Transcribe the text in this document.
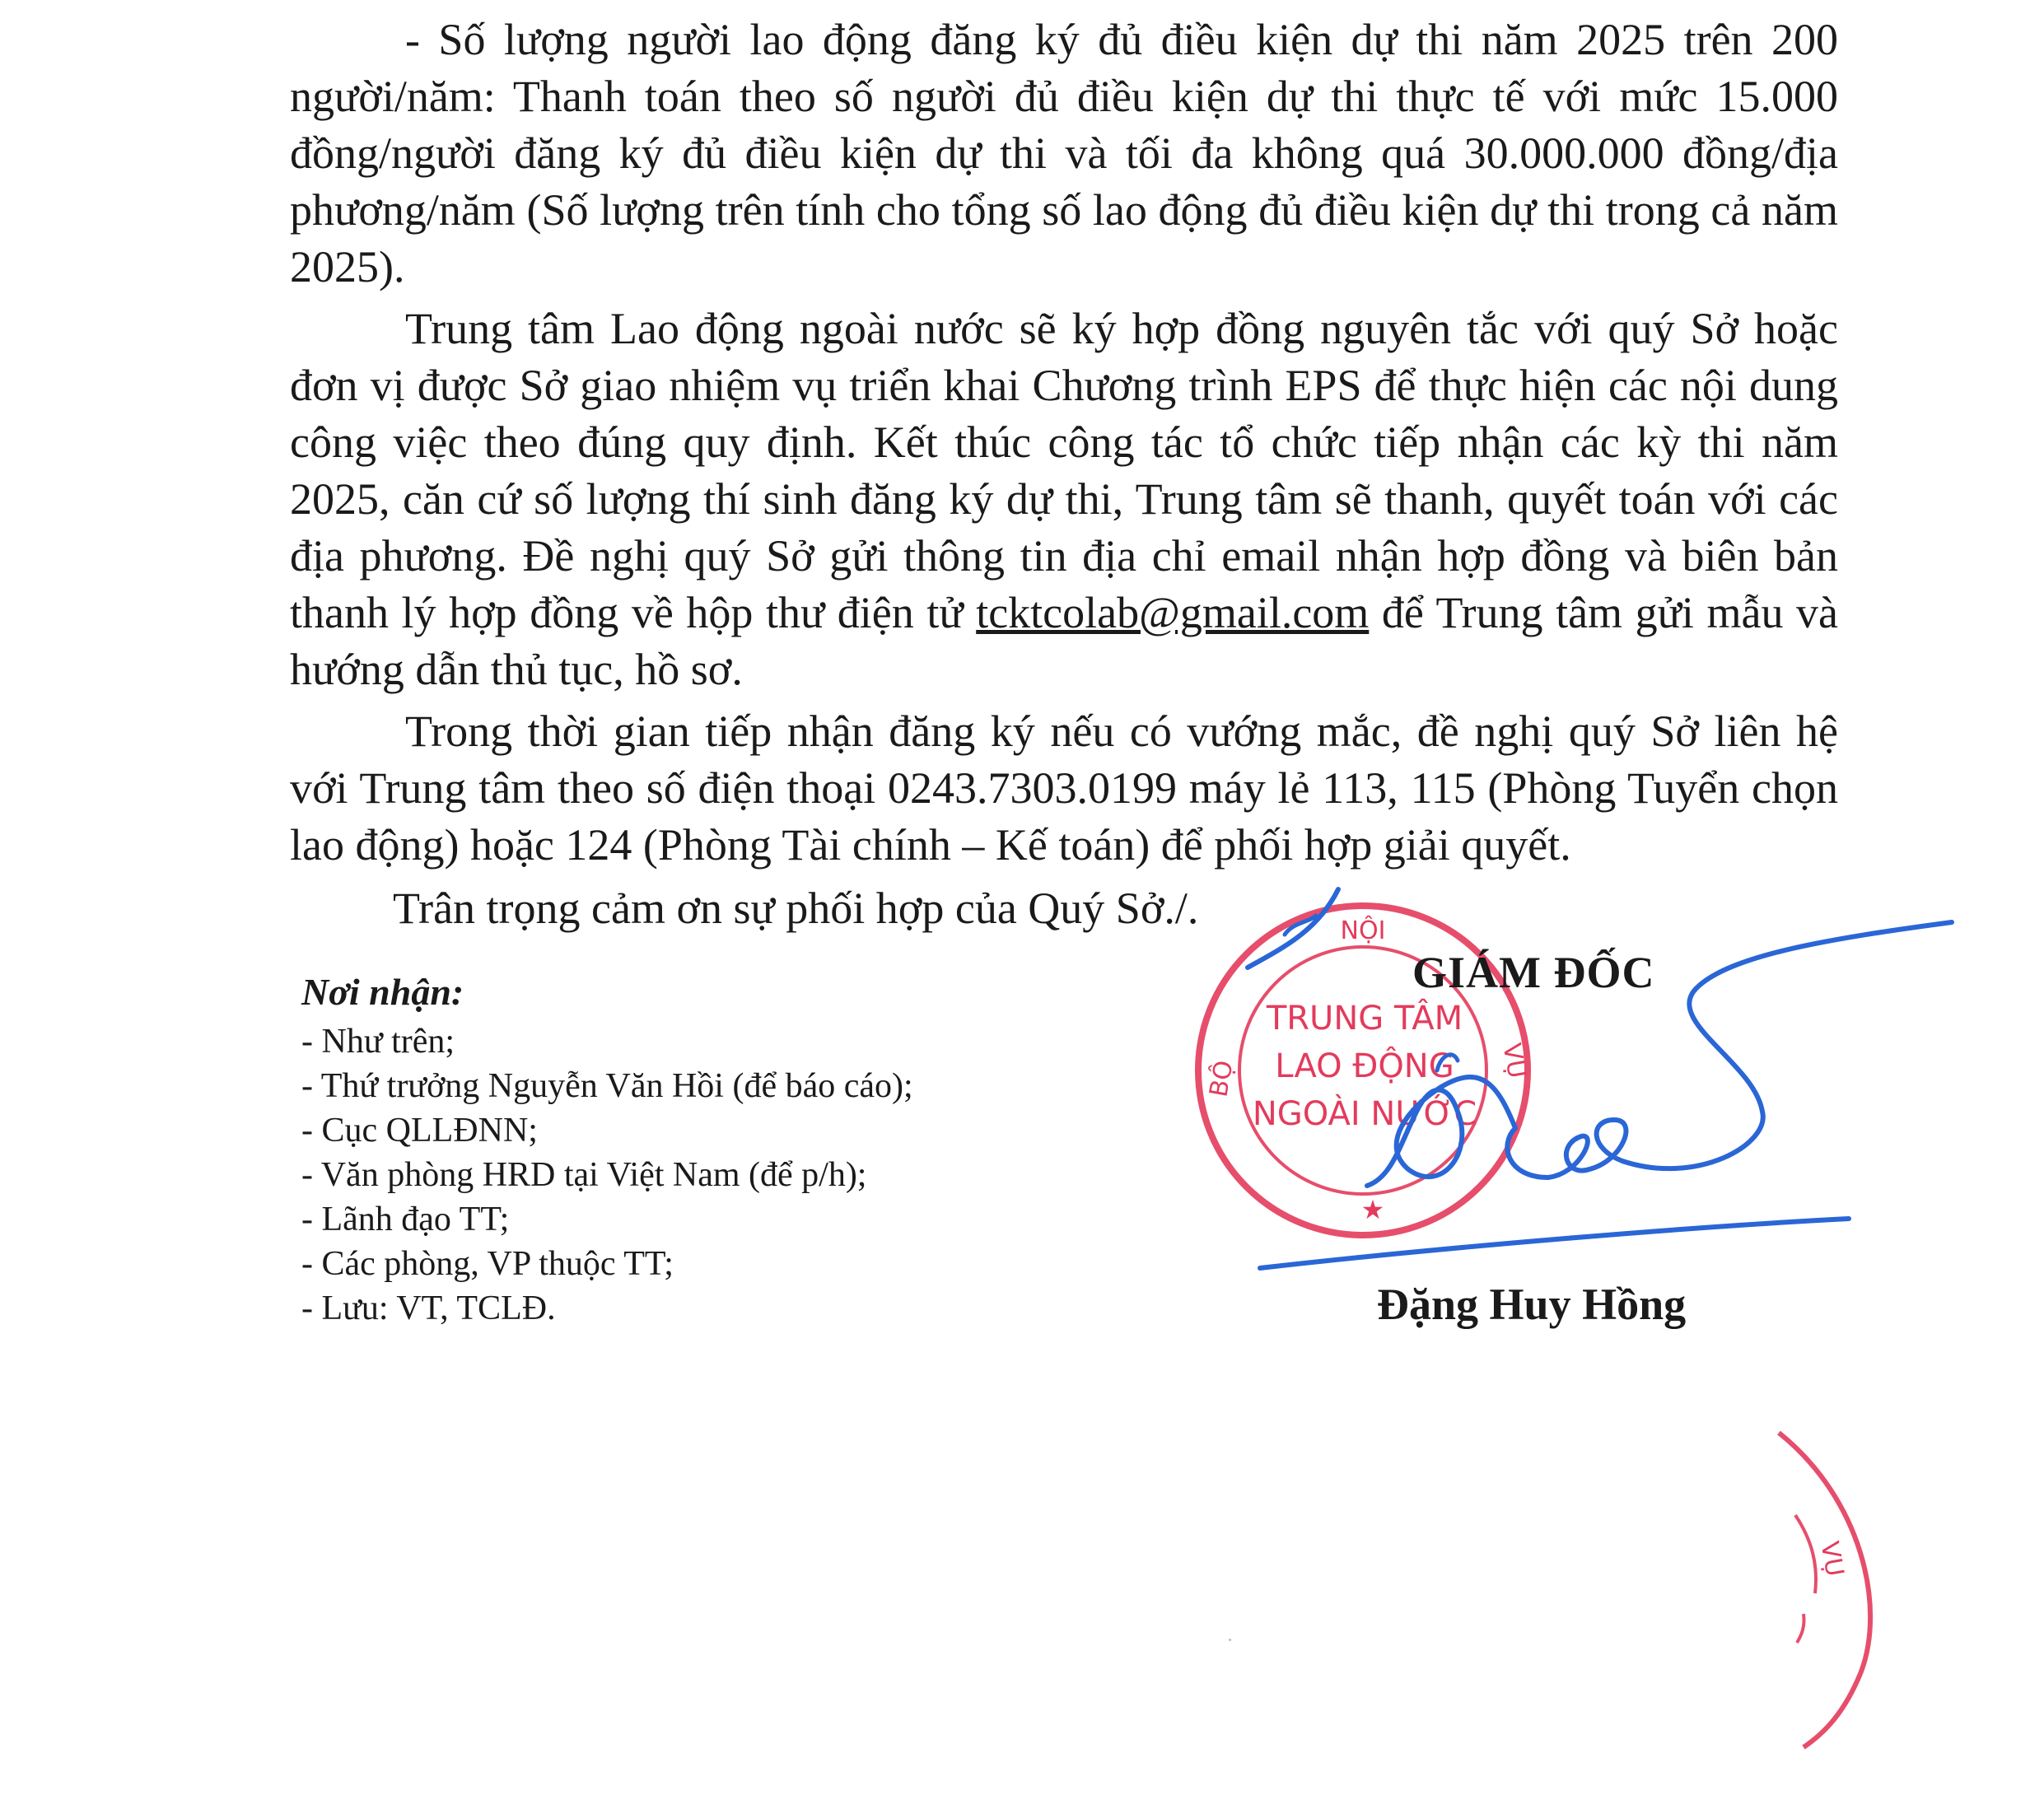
- Số lượng người lao động đăng ký đủ điều kiện dự thi năm 2025 trên 200 người/năm: Thanh toán theo số người đủ điều kiện dự thi thực tế với mức 15.000 đồng/người đăng ký đủ điều kiện dự thi và tối đa không quá 30.000.000 đồng/địa phương/năm (Số lượng trên tính cho tổng số lao động đủ điều kiện dự thi trong cả năm 2025).

Trung tâm Lao động ngoài nước sẽ ký hợp đồng nguyên tắc với quý Sở hoặc đơn vị được Sở giao nhiệm vụ triển khai Chương trình EPS để thực hiện các nội dung công việc theo đúng quy định. Kết thúc công tác tổ chức tiếp nhận các kỳ thi năm 2025, căn cứ số lượng thí sinh đăng ký dự thi, Trung tâm sẽ thanh, quyết toán với các địa phương. Đề nghị quý Sở gửi thông tin địa chỉ email nhận hợp đồng và biên bản thanh lý hợp đồng về hộp thư điện tử tcktcolab@gmail.com để Trung tâm gửi mẫu và hướng dẫn thủ tục, hồ sơ.

Trong thời gian tiếp nhận đăng ký nếu có vướng mắc, đề nghị quý Sở liên hệ với Trung tâm theo số điện thoại 0243.7303.0199 máy lẻ 113, 115 (Phòng Tuyển chọn lao động) hoặc 124 (Phòng Tài chính – Kế toán) để phối hợp giải quyết.

Trân trọng cảm ơn sự phối hợp của Quý Sở./.

Nơi nhận:
- Như trên;
- Thứ trưởng Nguyễn Văn Hồi (để báo cáo);
- Cục QLLĐNN;
- Văn phòng HRD tại Việt Nam (để p/h);
- Lãnh đạo TT;
- Các phòng, VP thuộc TT;
- Lưu: VT, TCLĐ.
NỘI
BỘ	VỤ
TRUNG TÂM
LAO ĐỘNG
NGOÀI NƯỚC
★
GIÁM ĐỐC
Đặng Huy Hồng
VỤ
